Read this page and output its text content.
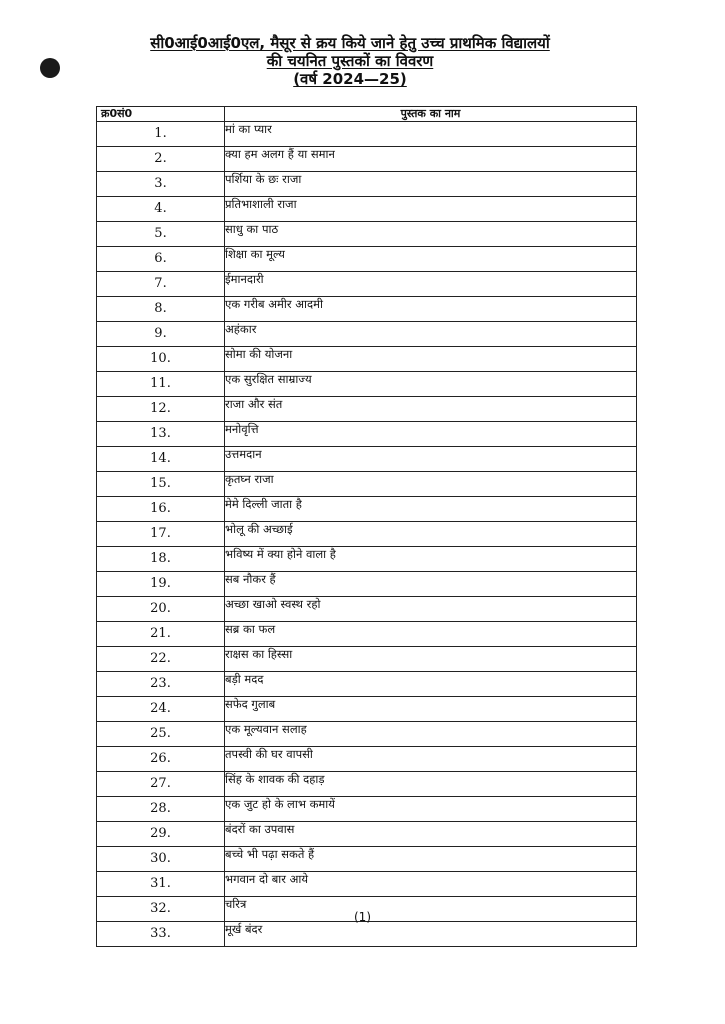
सी0आई0आई0एल, मैसूर से क्रय किये जाने हेतु उच्च प्राथमिक विद्यालयों
की चयनित पुस्तकों का विवरण
(वर्ष 2024—25)
क्र0सं0	पुस्तक का नाम
1.	मां का प्यार
2.	क्या हम अलग हैं या समान
3.	पर्शिया के छः राजा
4.	प्रतिभाशाली राजा
5.	साधु का पाठ
6.	शिक्षा का मूल्य
7.	ईमानदारी
8.	एक गरीब अमीर आदमी
9.	अहंकार
10.	सोमा की योजना
11.	एक सुरक्षित साम्राज्य
12.	राजा और संत
13.	मनोवृत्ति
14.	उत्तमदान
15.	कृतघ्न राजा
16.	मेमे दिल्ली जाता है
17.	भोलू की अच्छाई
18.	भविष्य में क्या होने वाला है
19.	सब नौकर हैं
20.	अच्छा खाओ स्वस्थ रहो
21.	सब्र का फल
22.	राक्षस का हिस्सा
23.	बड़ी मदद
24.	सफेद गुलाब
25.	एक मूल्यवान सलाह
26.	तपस्वी की घर वापसी
27.	सिंह के शावक की दहाड़
28.	एक जुट हो के लाभ कमायें
29.	बंदरों का उपवास
30.	बच्चे भी पढ़ा सकते हैं
31.	भगवान दो बार आये
32.	चरित्र
33.	मूर्ख बंदर
(1)
